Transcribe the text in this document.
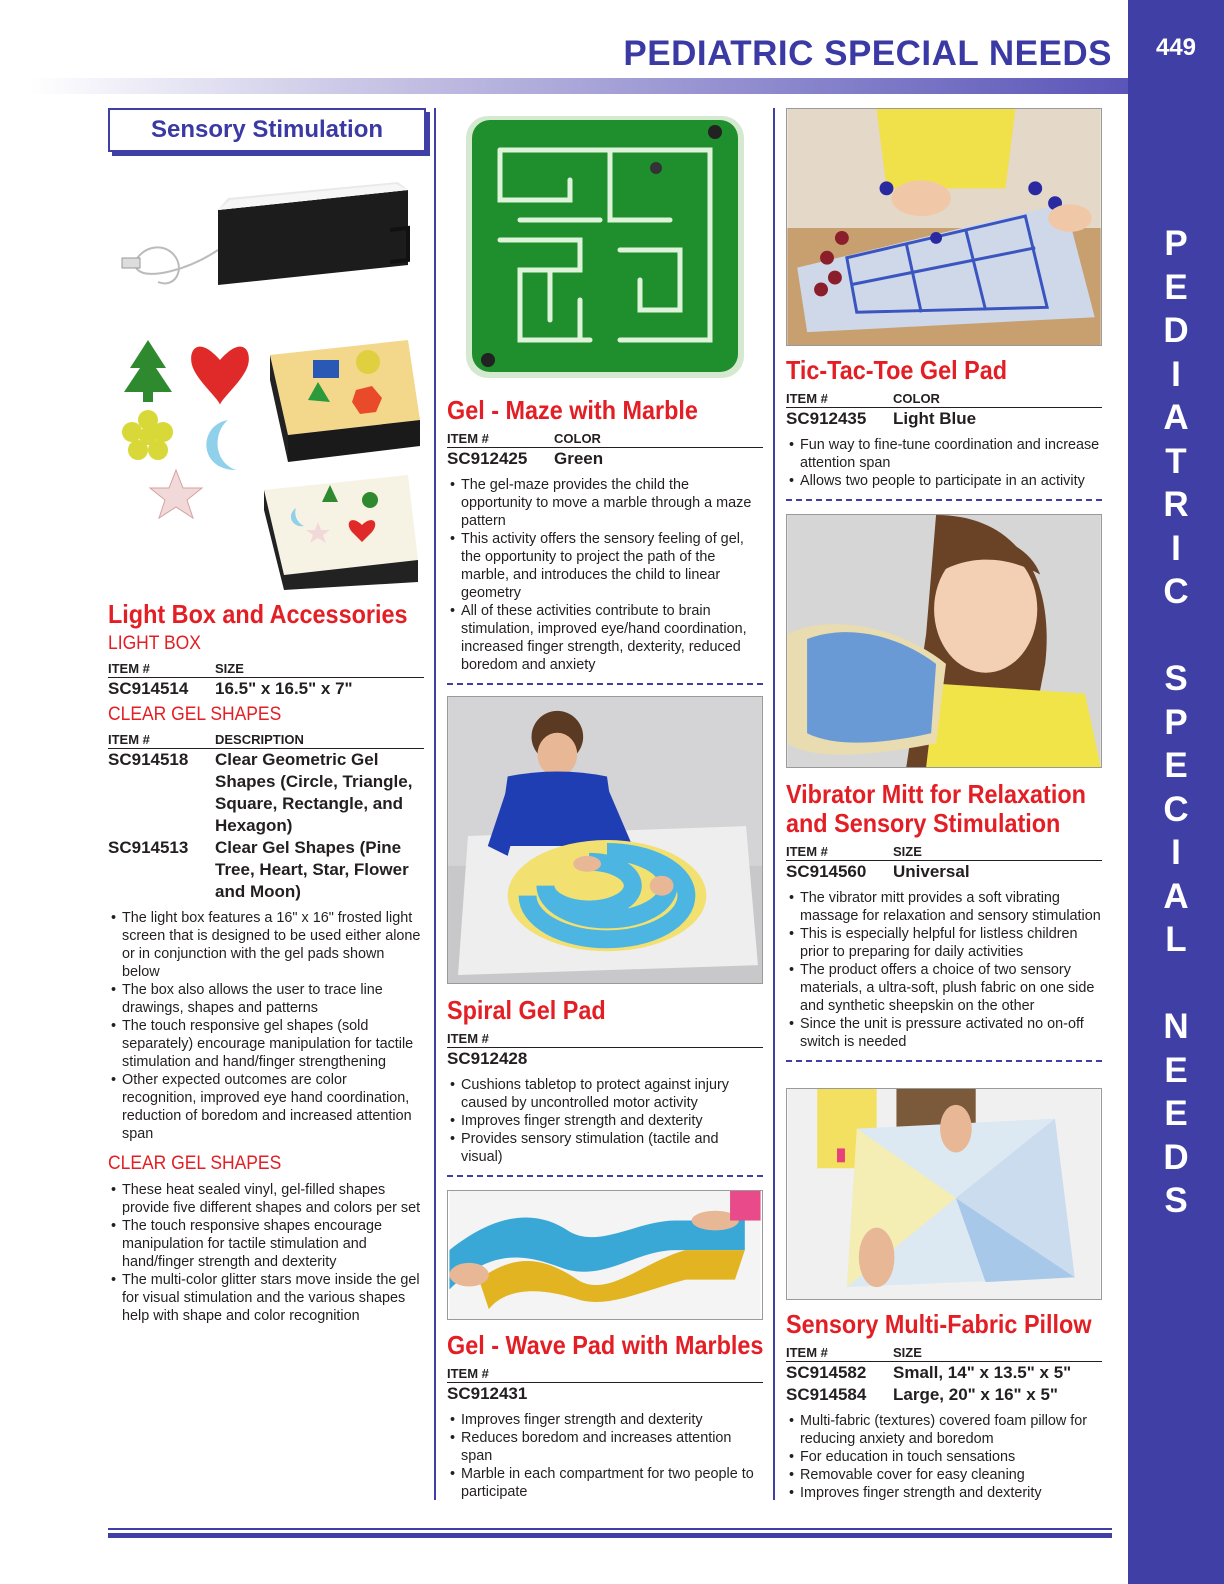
PEDIATRIC SPECIAL NEEDS	449
P
E
D
I
A
T
R
I
C
S
P
E
C
I
A
L
N
E
E
D
S
Sensory Stimulation
Light Box and Accessories
LIGHT BOX
ITEM #	SIZE
SC914514	16.5" x 16.5" x 7"
CLEAR GEL SHAPES
ITEM #	DESCRIPTION
SC914518	Clear Geometric Gel Shapes (Circle, Triangle, Square, Rectangle, and Hexagon)
SC914513	Clear Gel Shapes (Pine Tree, Heart, Star, Flower and Moon)
• The light box features a 16" x 16" frosted light screen that is designed to be used either alone or in conjunction with the gel pads shown below
• The box also allows the user to trace line drawings, shapes and patterns
• The touch responsive gel shapes (sold separately) encourage manipulation for tactile stimulation and hand/finger strengthening
• Other expected outcomes are color recognition, improved eye hand coordination, reduction of boredom and increased attention span
CLEAR GEL SHAPES
• These heat sealed vinyl, gel-filled shapes provide five different shapes and colors per set
• The touch responsive shapes encourage manipulation for tactile stimulation and hand/finger strength and dexterity
• The multi-color glitter stars move inside the gel for visual stimulation and the various shapes help with shape and color recognition
Gel - Maze with Marble
ITEM #	COLOR
SC912425	Green
• The gel-maze provides the child the opportunity to move a marble through a maze pattern
• This activity offers the sensory feeling of gel, the opportunity to project the path of the marble, and introduces the child to linear geometry
• All of these activities contribute to brain stimulation, improved eye/hand coordination, increased finger strength, dexterity, reduced boredom and anxiety
Spiral Gel Pad
ITEM #
SC912428
• Cushions tabletop to protect against injury caused by uncontrolled motor activity
• Improves finger strength and dexterity
• Provides sensory stimulation (tactile and visual)
Gel - Wave Pad with Marbles
ITEM #
SC912431
• Improves finger strength and dexterity
• Reduces boredom and increases attention span
• Marble in each compartment for two people to participate
Tic-Tac-Toe Gel Pad
ITEM #	COLOR
SC912435	Light Blue
• Fun way to fine-tune coordination and increase attention span
• Allows two people to participate in an activity
Vibrator Mitt for Relaxation
and Sensory Stimulation
ITEM #	SIZE
SC914560	Universal
• The vibrator mitt provides a soft vibrating massage for relaxation and sensory stimulation
• This is especially helpful for listless children prior to preparing for daily activities
• The product offers a choice of two sensory materials, a ultra-soft, plush fabric on one side and synthetic sheepskin on the other
• Since the unit is pressure activated no on-off switch is needed
Sensory Multi-Fabric Pillow
ITEM #	SIZE
SC914582	Small, 14" x 13.5" x 5"
SC914584	Large, 20" x 16" x 5"
• Multi-fabric (textures) covered foam pillow for reducing anxiety and boredom
• For education in touch sensations
• Removable cover for easy cleaning
• Improves finger strength and dexterity
